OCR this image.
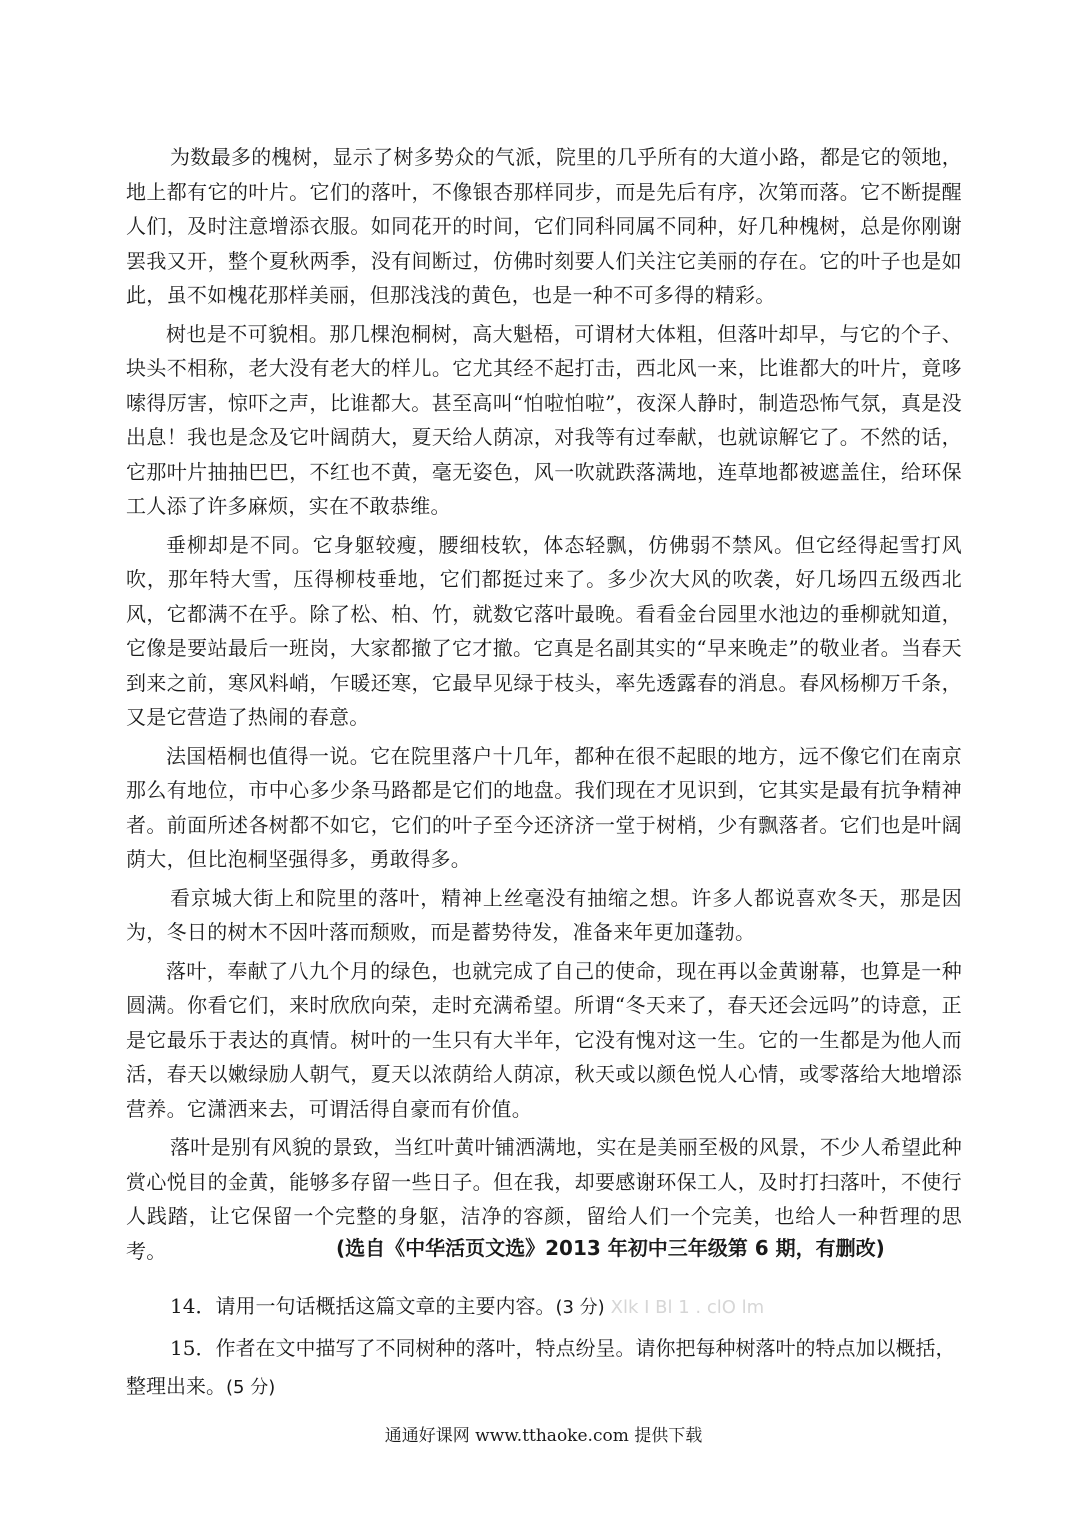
为数最多的槐树，显示了树多势众的气派，院里的几乎所有的大道小路，都是它的领地，地上都有它的叶片。它们的落叶，不像银杏那样同步，而是先后有序，次第而落。它不断提醒人们，及时注意增添衣服。如同花开的时间，它们同科同属不同种，好几种槐树，总是你刚谢罢我又开，整个夏秋两季，没有间断过，仿佛时刻要人们关注它美丽的存在。它的叶子也是如此，虽不如槐花那样美丽，但那浅浅的黄色，也是一种不可多得的精彩。

树也是不可貌相。那几棵泡桐树，高大魁梧，可谓材大体粗，但落叶却早，与它的个子、块头不相称，老大没有老大的样儿。它尤其经不起打击，西北风一来，比谁都大的叶片，竟哆嗦得厉害，惊吓之声，比谁都大。甚至高叫“怕啦怕啦”，夜深人静时，制造恐怖气氛，真是没出息！我也是念及它叶阔荫大，夏天给人荫凉，对我等有过奉献，也就谅解它了。不然的话，它那叶片抽抽巴巴，不红也不黄，毫无姿色，风一吹就跌落满地，连草地都被遮盖住，给环保工人添了许多麻烦，实在不敢恭维。

垂柳却是不同。它身躯较瘦，腰细枝软，体态轻飘，仿佛弱不禁风。但它经得起雪打风吹，那年特大雪，压得柳枝垂地，它们都挺过来了。多少次大风的吹袭，好几场四五级西北风，它都满不在乎。除了松、柏、竹，就数它落叶最晚。看看金台园里水池边的垂柳就知道，它像是要站最后一班岗，大家都撤了它才撤。它真是名副其实的“早来晚走”的敬业者。当春天到来之前，寒风料峭，乍暖还寒，它最早见绿于枝头，率先透露春的消息。春风杨柳万千条，又是它营造了热闹的春意。

法国梧桐也值得一说。它在院里落户十几年，都种在很不起眼的地方，远不像它们在南京那么有地位，市中心多少条马路都是它们的地盘。我们现在才见识到，它其实是最有抗争精神者。前面所述各树都不如它，它们的叶子至今还济济一堂于树梢，少有飘落者。它们也是叶阔荫大，但比泡桐坚强得多，勇敢得多。

看京城大街上和院里的落叶，精神上丝毫没有抽缩之想。许多人都说喜欢冬天，那是因为，冬日的树木不因叶落而颓败，而是蓄势待发，准备来年更加蓬勃。

落叶，奉献了八九个月的绿色，也就完成了自己的使命，现在再以金黄谢幕，也算是一种圆满。你看它们，来时欣欣向荣，走时充满希望。所谓“冬天来了，春天还会远吗”的诗意，正是它最乐于表达的真情。树叶的一生只有大半年，它没有愧对这一生。它的一生都是为他人而活，春天以嫩绿励人朝气，夏天以浓荫给人荫凉，秋天或以颜色悦人心情，或零落给大地增添营养。它潇洒来去，可谓活得自豪而有价值。

落叶是别有风貌的景致，当红叶黄叶铺洒满地，实在是美丽至极的风景，不少人希望此种赏心悦目的金黄，能够多存留一些日子。但在我，却要感谢环保工人，及时打扫落叶，不使行人践踏，让它保留一个完整的身躯，洁净的容颜，留给人们一个完美，也给人一种哲理的思考。	(选自《中华活页文选》2013 年初中三年级第 6 期，有删改)
14．请用一句话概括这篇文章的主要内容。(3 分) Xlk I Bl 1 . clO lm
15．作者在文中描写了不同树种的落叶，特点纷呈。请你把每种树落叶的特点加以概括，整理出来。(5 分)
通通好课网 www.tthaoke.com 提供下载
